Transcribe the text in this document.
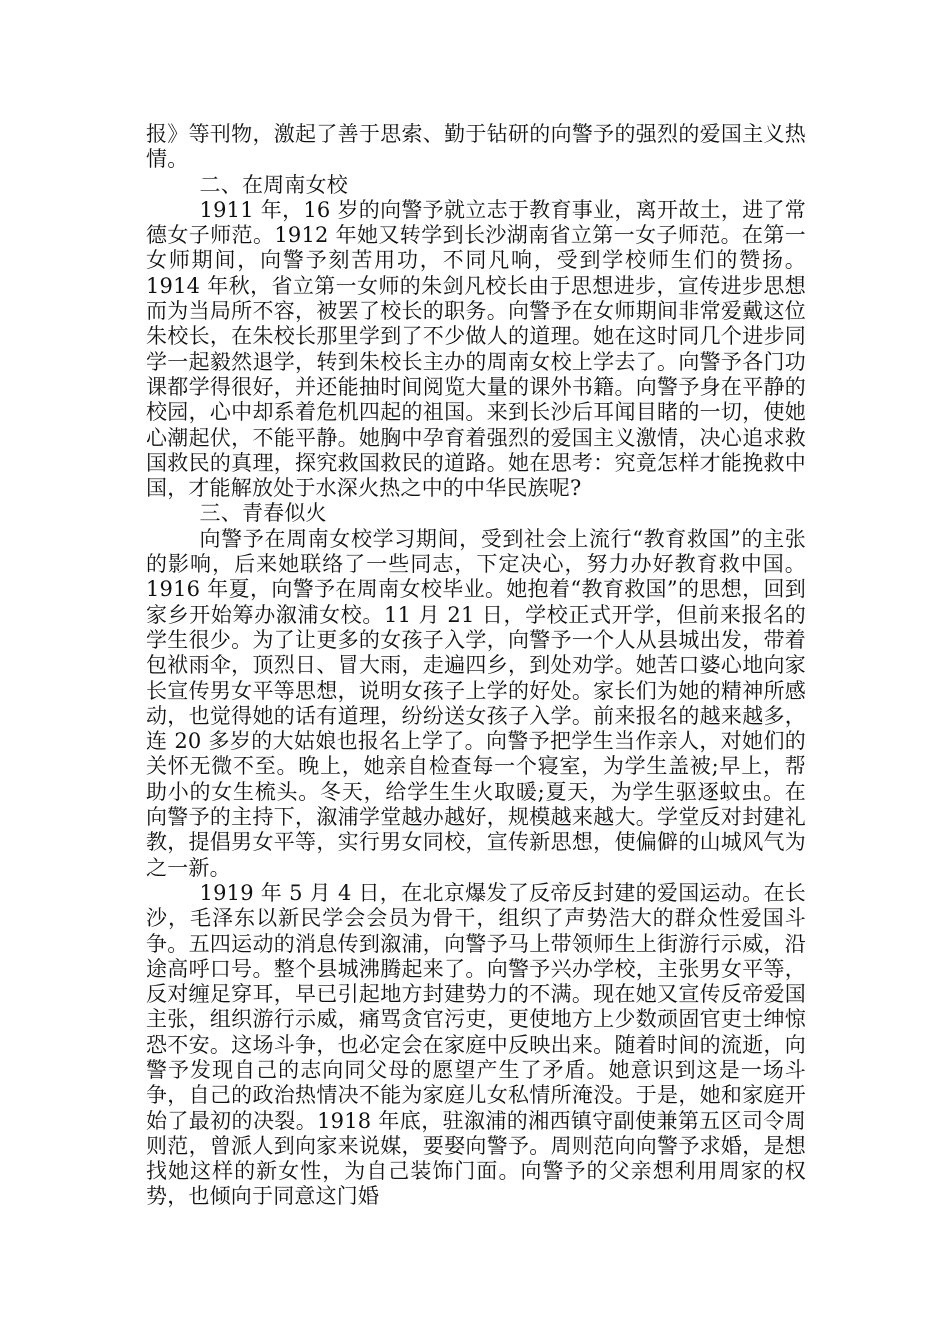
报》等刊物，激起了善于思索、勤于钻研的向警予的强烈的爱国主义热情。

二、在周南女校

1911 年，16 岁的向警予就立志于教育事业，离开故土，进了常德女子师范。1912 年她又转学到长沙湖南省立第一女子师范。在第一女师期间，向警予刻苦用功，不同凡响，受到学校师生们的赞扬。1914 年秋，省立第一女师的朱剑凡校长由于思想进步，宣传进步思想而为当局所不容，被罢了校长的职务。向警予在女师期间非常爱戴这位朱校长，在朱校长那里学到了不少做人的道理。她在这时同几个进步同学一起毅然退学，转到朱校长主办的周南女校上学去了。向警予各门功课都学得很好，并还能抽时间阅览大量的课外书籍。向警予身在平静的校园，心中却系着危机四起的祖国。来到长沙后耳闻目睹的一切，使她心潮起伏，不能平静。她胸中孕育着强烈的爱国主义激情，决心追求救国救民的真理，探究救国救民的道路。她在思考：究竟怎样才能挽救中国，才能解放处于水深火热之中的中华民族呢?

三、青春似火

向警予在周南女校学习期间，受到社会上流行“教育救国”的主张的影响，后来她联络了一些同志，下定决心，努力办好教育救中国。1916 年夏，向警予在周南女校毕业。她抱着“教育救国”的思想，回到家乡开始筹办溆浦女校。11 月 21 日，学校正式开学，但前来报名的学生很少。为了让更多的女孩子入学，向警予一个人从县城出发，带着包袱雨伞，顶烈日、冒大雨，走遍四乡，到处劝学。她苦口婆心地向家长宣传男女平等思想，说明女孩子上学的好处。家长们为她的精神所感动，也觉得她的话有道理，纷纷送女孩子入学。前来报名的越来越多，连 20 多岁的大姑娘也报名上学了。向警予把学生当作亲人，对她们的关怀无微不至。晚上，她亲自检查每一个寝室，为学生盖被;早上，帮助小的女生梳头。冬天，给学生生火取暖;夏天，为学生驱逐蚊虫。在向警予的主持下，溆浦学堂越办越好，规模越来越大。学堂反对封建礼教，提倡男女平等，实行男女同校，宣传新思想，使偏僻的山城风气为之一新。

1919 年 5 月 4 日，在北京爆发了反帝反封建的爱国运动。在长沙，毛泽东以新民学会会员为骨干，组织了声势浩大的群众性爱国斗争。五四运动的消息传到溆浦，向警予马上带领师生上街游行示威，沿途高呼口号。整个县城沸腾起来了。向警予兴办学校，主张男女平等，反对缠足穿耳，早已引起地方封建势力的不满。现在她又宣传反帝爱国主张，组织游行示威，痛骂贪官污吏，更使地方上少数顽固官吏士绅惊恐不安。这场斗争，也必定会在家庭中反映出来。随着时间的流逝，向警予发现自己的志向同父母的愿望产生了矛盾。她意识到这是一场斗争，自己的政治热情决不能为家庭儿女私情所淹没。于是，她和家庭开始了最初的决裂。1918 年底，驻溆浦的湘西镇守副使兼第五区司令周则范，曾派人到向家来说媒，要娶向警予。周则范向向警予求婚，是想找她这样的新女性，为自己装饰门面。向警予的父亲想利用周家的权势，也倾向于同意这门婚
